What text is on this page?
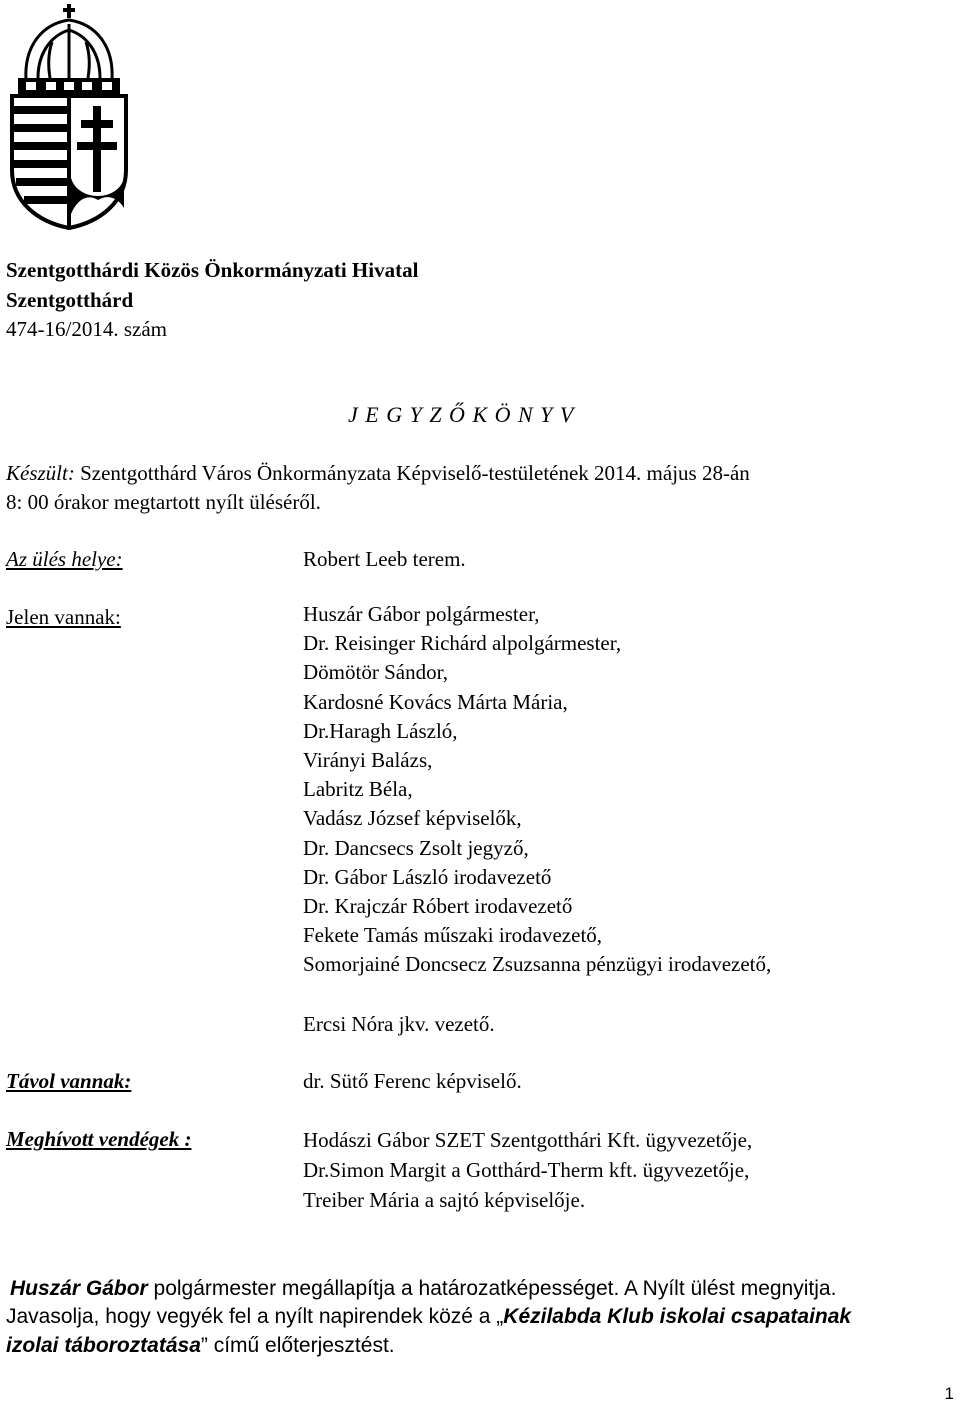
Szentgotthárdi Közös Önkormányzati Hivatal
Szentgotthárd
474-16/2014. szám
J E G Y Z Ő K Ö N Y V
Készült: Szentgotthárd Város Önkormányzata Képviselő-testületének 2014. május 28-án
8: 00 órakor megtartott nyílt üléséről.
Az ülés helye:	Robert Leeb terem.
Jelen vannak:	Huszár Gábor polgármester,
Dr. Reisinger Richárd alpolgármester,
Dömötör Sándor,
Kardosné Kovács Márta Mária,
Dr.Haragh László,
Virányi Balázs,
Labritz Béla,
Vadász József képviselők,
Dr. Dancsecs Zsolt jegyző,
Dr. Gábor László irodavezető
Dr. Krajczár Róbert irodavezető
Fekete Tamás műszaki irodavezető,
Somorjainé Doncsecz Zsuzsanna pénzügyi irodavezető,
Ercsi Nóra jkv. vezető.
Távol vannak:	dr. Sütő Ferenc képviselő.
Meghívott vendégek :	Hodászi Gábor SZET Szentgotthári Kft. ügyvezetője,
Dr.Simon Margit a Gotthárd-Therm kft. ügyvezetője,
Treiber Mária a sajtó képviselője.
Huszár Gábor polgármester megállapítja a határozatképességet. A Nyílt ülést megnyitja.
Javasolja, hogy vegyék fel a nyílt napirendek közé a „Kézilabda Klub iskolai csapatainak
izolai táboroztatása” című előterjesztést.
1
